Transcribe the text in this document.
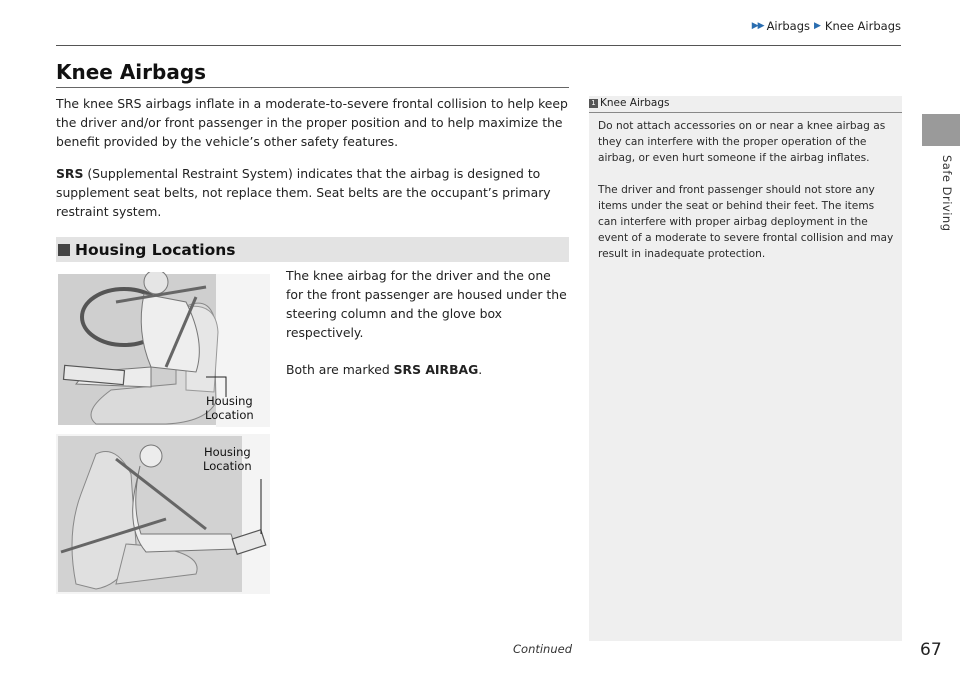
▶▶ Airbags ▶ Knee Airbags
Safe Driving
Knee Airbags

The knee SRS airbags inflate in a moderate-to-severe frontal collision to help keep the driver and/or front passenger in the proper position and to help maximize the benefit provided by the vehicle’s other safety features.

SRS (Supplemental Restraint System) indicates that the airbag is designed to supplement seat belts, not replace them. Seat belts are the occupant’s primary restraint system.

Housing Locations

The knee airbag for the driver and the one for the front passenger are housed under the steering column and the glove box respectively.

Both are marked SRS AIRBAG.

Housing
Location
Housing
Location
1 Knee Airbags

Do not attach accessories on or near a knee airbag as they can interfere with the proper operation of the airbag, or even hurt someone if the airbag inflates.

The driver and front passenger should not store any items under the seat or behind their feet. The items can interfere with proper airbag deployment in the event of a moderate to severe frontal collision and may result in inadequate protection.

Continued	67
